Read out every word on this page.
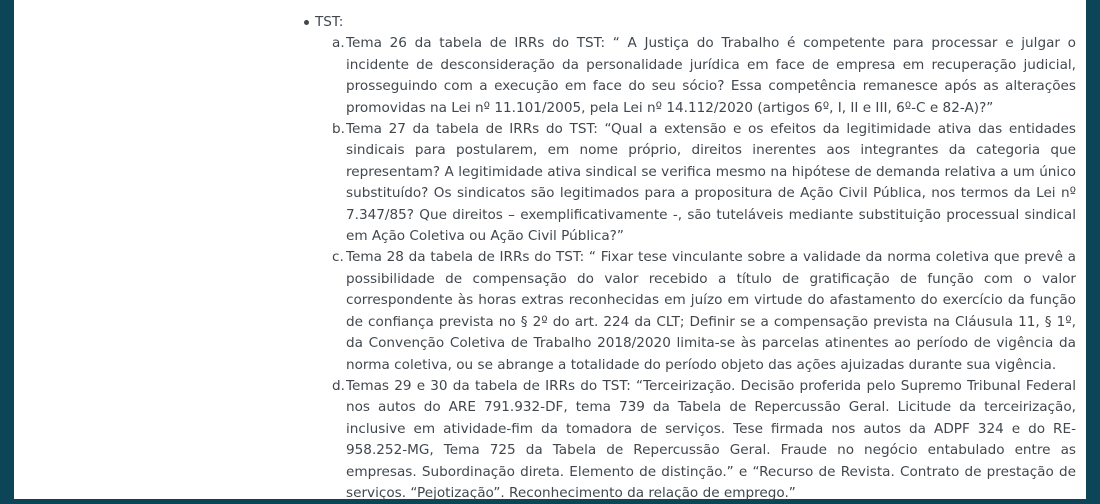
TST:
a. Tema 26 da tabela de IRRs do TST: “ A Justiça do Trabalho é competente para processar e julgar o incidente de desconsideração da personalidade jurídica em face de empresa em recuperação judicial, prosseguindo com a execução em face do seu sócio? Essa competência remanesce após as alterações promovidas na Lei nº 11.101/2005, pela Lei nº 14.112/2020 (artigos 6º, I, II e III, 6º-C e 82-A)?”
b. Tema 27 da tabela de IRRs do TST: “Qual a extensão e os efeitos da legitimidade ativa das entidades sindicais para postularem, em nome próprio, direitos inerentes aos integrantes da categoria que representam? A legitimidade ativa sindical se verifica mesmo na hipótese de demanda relativa a um único substituído? Os sindicatos são legitimados para a propositura de Ação Civil Pública, nos termos da Lei nº 7.347/85? Que direitos – exemplificativamente -, são tuteláveis mediante substituição processual sindical em Ação Coletiva ou Ação Civil Pública?”
c. Tema 28 da tabela de IRRs do TST: “ Fixar tese vinculante sobre a validade da norma coletiva que prevê a possibilidade de compensação do valor recebido a título de gratificação de função com o valor correspondente às horas extras reconhecidas em juízo em virtude do afastamento do exercício da função de confiança prevista no § 2º do art. 224 da CLT; Definir se a compensação prevista na Cláusula 11, § 1º, da Convenção Coletiva de Trabalho 2018/2020 limita-se às parcelas atinentes ao período de vigência da norma coletiva, ou se abrange a totalidade do período objeto das ações ajuizadas durante sua vigência.
d. Temas 29 e 30 da tabela de IRRs do TST: “Terceirização. Decisão proferida pelo Supremo Tribunal Federal nos autos do ARE 791.932-DF, tema 739 da Tabela de Repercussão Geral. Licitude da terceirização, inclusive em atividade-fim da tomadora de serviços. Tese firmada nos autos da ADPF 324 e do RE-958.252-MG, Tema 725 da Tabela de Repercussão Geral. Fraude no negócio entabulado entre as empresas. Subordinação direta. Elemento de distinção.” e “Recurso de Revista. Contrato de prestação de serviços. “Pejotização”. Reconhecimento da relação de emprego.”
